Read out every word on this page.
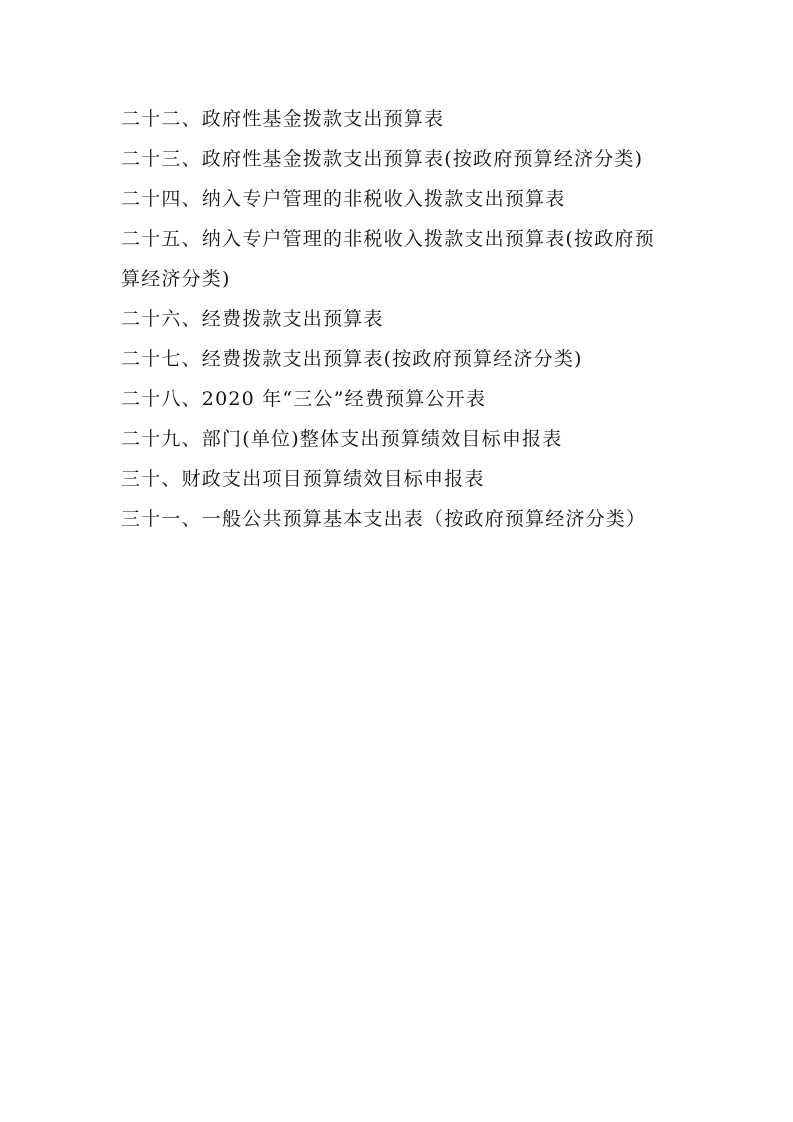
二十二、政府性基金拨款支出预算表
二十三、政府性基金拨款支出预算表(按政府预算经济分类)
二十四、纳入专户管理的非税收入拨款支出预算表
二十五、纳入专户管理的非税收入拨款支出预算表(按政府预
算经济分类)
二十六、经费拨款支出预算表
二十七、经费拨款支出预算表(按政府预算经济分类)
二十八、2020 年“三公”经费预算公开表
二十九、部门(单位)整体支出预算绩效目标申报表
三十、财政支出项目预算绩效目标申报表
三十一、一般公共预算基本支出表（按政府预算经济分类）
